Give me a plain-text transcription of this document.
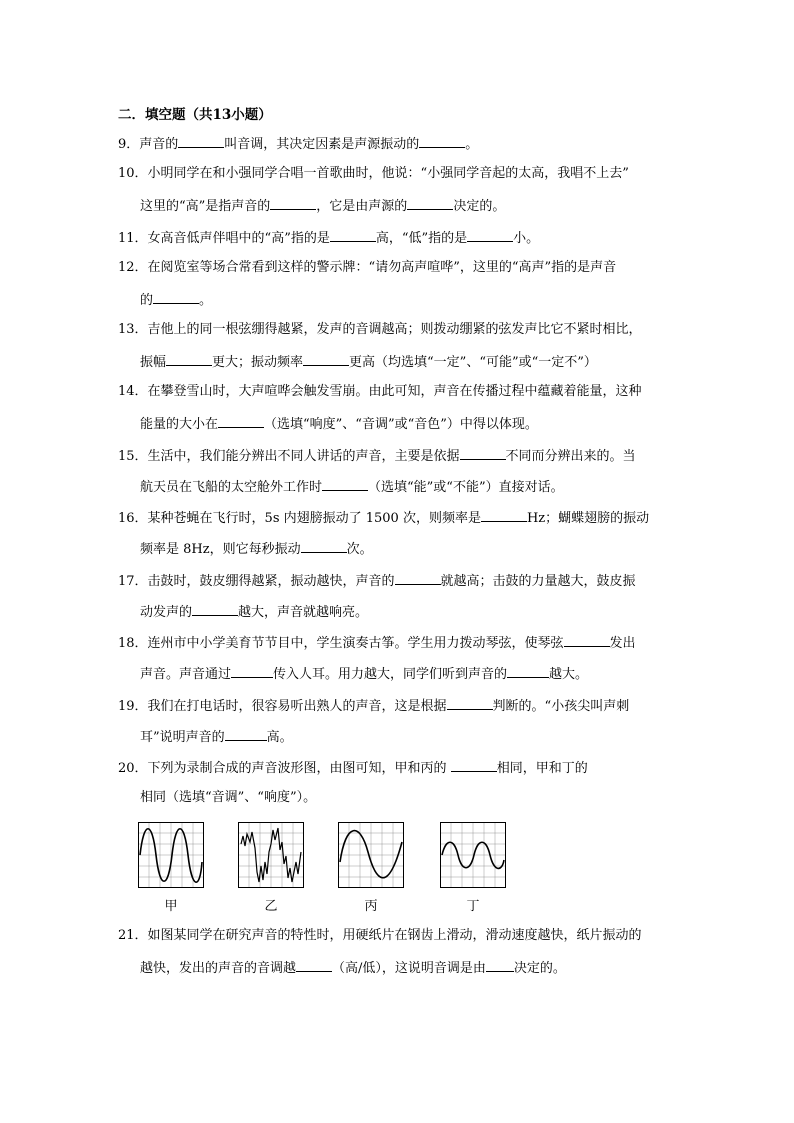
二．填空题（共13小题）
9．声音的	叫音调，其决定因素是声源振动的	。
10．小明同学在和小强同学合唱一首歌曲时，他说：“小强同学音起的太高，我唱不上去”
这里的“高”是指声音的	，它是由声源的	决定的。
11．女高音低声伴唱中的“高”指的是	高，“低”指的是	小。
12．在阅览室等场合常看到这样的警示牌：“请勿高声喧哗”，这里的“高声”指的是声音
的	。
13．吉他上的同一根弦绷得越紧，发声的音调越高；则拨动绷紧的弦发声比它不紧时相比，
振幅	更大；振动频率	更高（均选填“一定”、“可能”或“一定不”）
14．在攀登雪山时，大声喧哗会触发雪崩。由此可知，声音在传播过程中蕴藏着能量，这种
能量的大小在	（选填“响度”、“音调”或“音色”）中得以体现。
15．生活中，我们能分辨出不同人讲话的声音，主要是依据	不同而分辨出来的。当
航天员在飞船的太空舱外工作时	（选填“能”或“不能”）直接对话。
16．某种苍蝇在飞行时，5s 内翅膀振动了 1500 次，则频率是	Hz；蝴蝶翅膀的振动
频率是 8Hz，则它每秒振动	次。
17．击鼓时，鼓皮绷得越紧，振动越快，声音的	就越高；击鼓的力量越大，鼓皮振
动发声的	越大，声音就越响亮。
18．连州市中小学美育节节目中，学生演奏古筝。学生用力拨动琴弦，使琴弦	发出
声音。声音通过	传入人耳。用力越大，同学们听到声音的	越大。
19．我们在打电话时，很容易听出熟人的声音，这是根据	判断的。“小孩尖叫声刺
耳”说明声音的	高。
20．下列为录制合成的声音波形图，由图可知，甲和丙的	相同，甲和丁的
相同（选填“音调”、“响度”）。
甲	乙	丙	丁
21．如图某同学在研究声音的特性时，用硬纸片在钢齿上滑动，滑动速度越快，纸片振动的
越快，发出的声音的音调越	（高/低），这说明音调是由 决定的。
